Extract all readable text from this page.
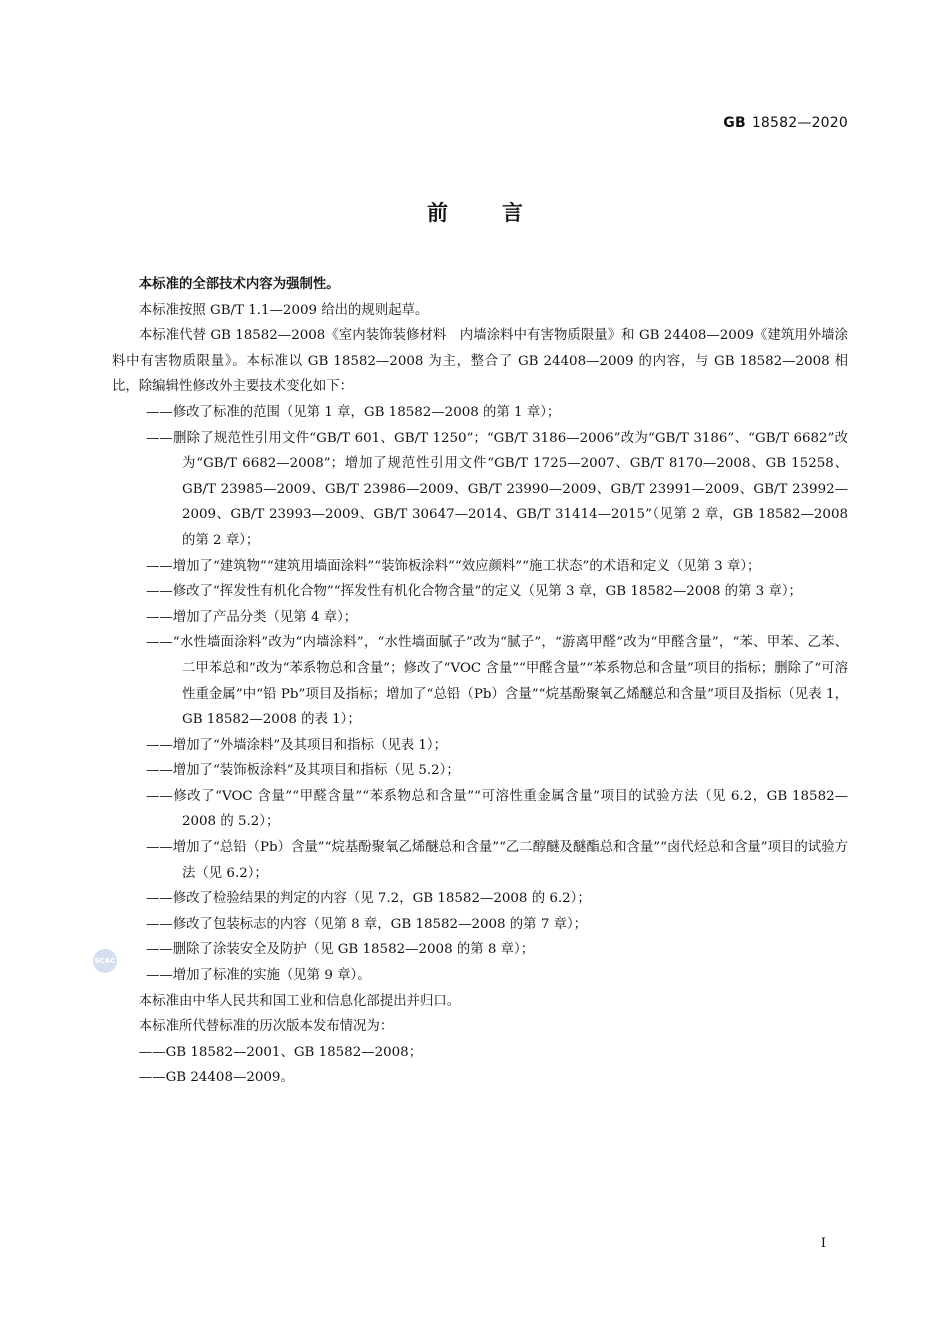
GB 18582—2020
前言

本标准的全部技术内容为强制性。

本标准按照 GB/T 1.1—2009 给出的规则起草。

本标准代替 GB 18582—2008《室内装饰装修材料　内墙涂料中有害物质限量》和 GB 24408—2009《建筑用外墙涂料中有害物质限量》。本标准以 GB 18582—2008 为主，整合了 GB 24408—2009 的内容，与 GB 18582—2008 相比，除编辑性修改外主要技术变化如下：

——修改了标准的范围（见第 1 章，GB 18582—2008 的第 1 章）；

——删除了规范性引用文件“GB/T 601、GB/T 1250”；“GB/T 3186—2006”改为“GB/T 3186”、“GB/T 6682”改为“GB/T 6682—2008”；增加了规范性引用文件“GB/T 1725—2007、GB/T 8170—2008、GB 15258、GB/T 23985—2009、GB/T 23986—2009、GB/T 23990—2009、GB/T 23991—2009、GB/T 23992—2009、GB/T 23993—2009、GB/T 30647—2014、GB/T 31414—2015”（见第 2 章，GB 18582—2008 的第 2 章）；

——增加了“建筑物”“建筑用墙面涂料”“装饰板涂料”“效应颜料”“施工状态”的术语和定义（见第 3 章）；

——修改了“挥发性有机化合物”“挥发性有机化合物含量”的定义（见第 3 章，GB 18582—2008 的第 3 章）；

——增加了产品分类（见第 4 章）；

——“水性墙面涂料”改为“内墙涂料”，“水性墙面腻子”改为“腻子”，“游离甲醛”改为“甲醛含量”，“苯、甲苯、乙苯、二甲苯总和”改为“苯系物总和含量”；修改了“VOC 含量”“甲醛含量”“苯系物总和含量”项目的指标；删除了“可溶性重金属”中“铅 Pb”项目及指标；增加了“总铅（Pb）含量”“烷基酚聚氧乙烯醚总和含量”项目及指标（见表 1，GB 18582—2008 的表 1）；

——增加了“外墙涂料”及其项目和指标（见表 1）；

——增加了“装饰板涂料”及其项目和指标（见 5.2）；

——修改了“VOC 含量”“甲醛含量”“苯系物总和含量”“可溶性重金属含量”项目的试验方法（见 6.2，GB 18582—2008 的 5.2）；

——增加了“总铅（Pb）含量”“烷基酚聚氧乙烯醚总和含量”“乙二醇醚及醚酯总和含量”“卤代烃总和含量”项目的试验方法（见 6.2）；

——修改了检验结果的判定的内容（见 7.2，GB 18582—2008 的 6.2）；

——修改了包装标志的内容（见第 8 章，GB 18582—2008 的第 7 章）；

——删除了涂装安全及防护（见 GB 18582—2008 的第 8 章）；

——增加了标准的实施（见第 9 章）。

本标准由中华人民共和国工业和信息化部提出并归口。

本标准所代替标准的历次版本发布情况为：

——GB 18582—2001、GB 18582—2008；

——GB 24408—2009。

SCAC
I
